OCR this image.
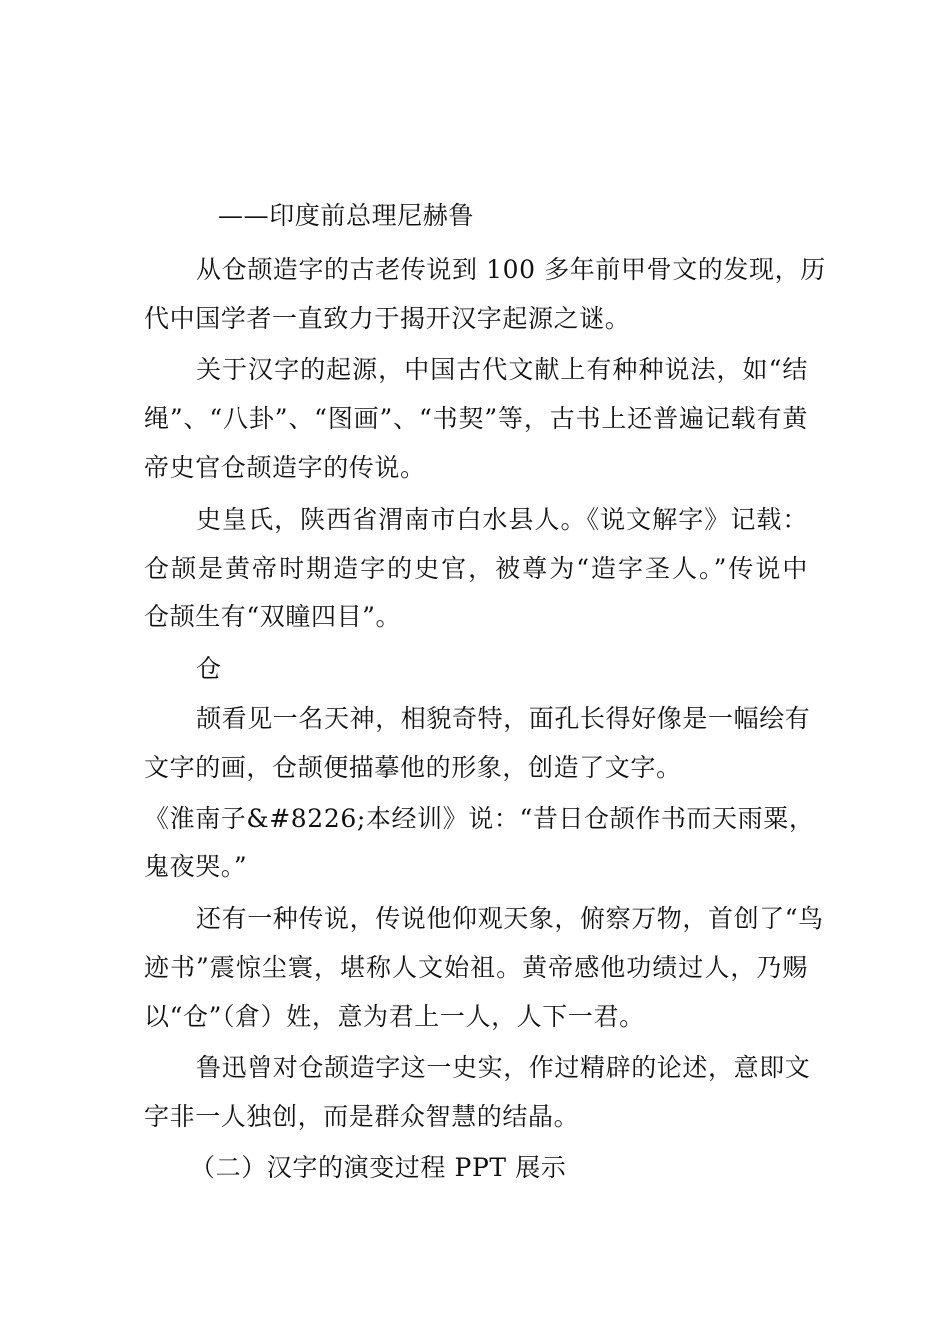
——印度前总理尼赫鲁
从仓颉造字的古老传说到 100 多年前甲骨文的发现，历
代中国学者一直致力于揭开汉字起源之谜。
关于汉字的起源，中国古代文献上有种种说法，如“结
绳”、“八卦”、“图画”、“书契”等，古书上还普遍记载有黄
帝史官仓颉造字的传说。
史皇氏，陕西省渭南市白水县人。《说文解字》记载：
仓颉是黄帝时期造字的史官，被尊为“造字圣人。”传说中
仓颉生有“双瞳四目”。
仓
颉看见一名天神，相貌奇特，面孔长得好像是一幅绘有
文字的画，仓颉便描摹他的形象，创造了文字。
《淮南子&#8226;本经训》说：“昔日仓颉作书而天雨粟，
鬼夜哭。”
还有一种传说，传说他仰观天象，俯察万物，首创了“鸟
迹书”震惊尘寰，堪称人文始祖。黄帝感他功绩过人，乃赐
以“仓”（倉）姓，意为君上一人，人下一君。
鲁迅曾对仓颉造字这一史实，作过精辟的论述，意即文
字非一人独创，而是群众智慧的结晶。
（二）汉字的演变过程 PPT 展示
